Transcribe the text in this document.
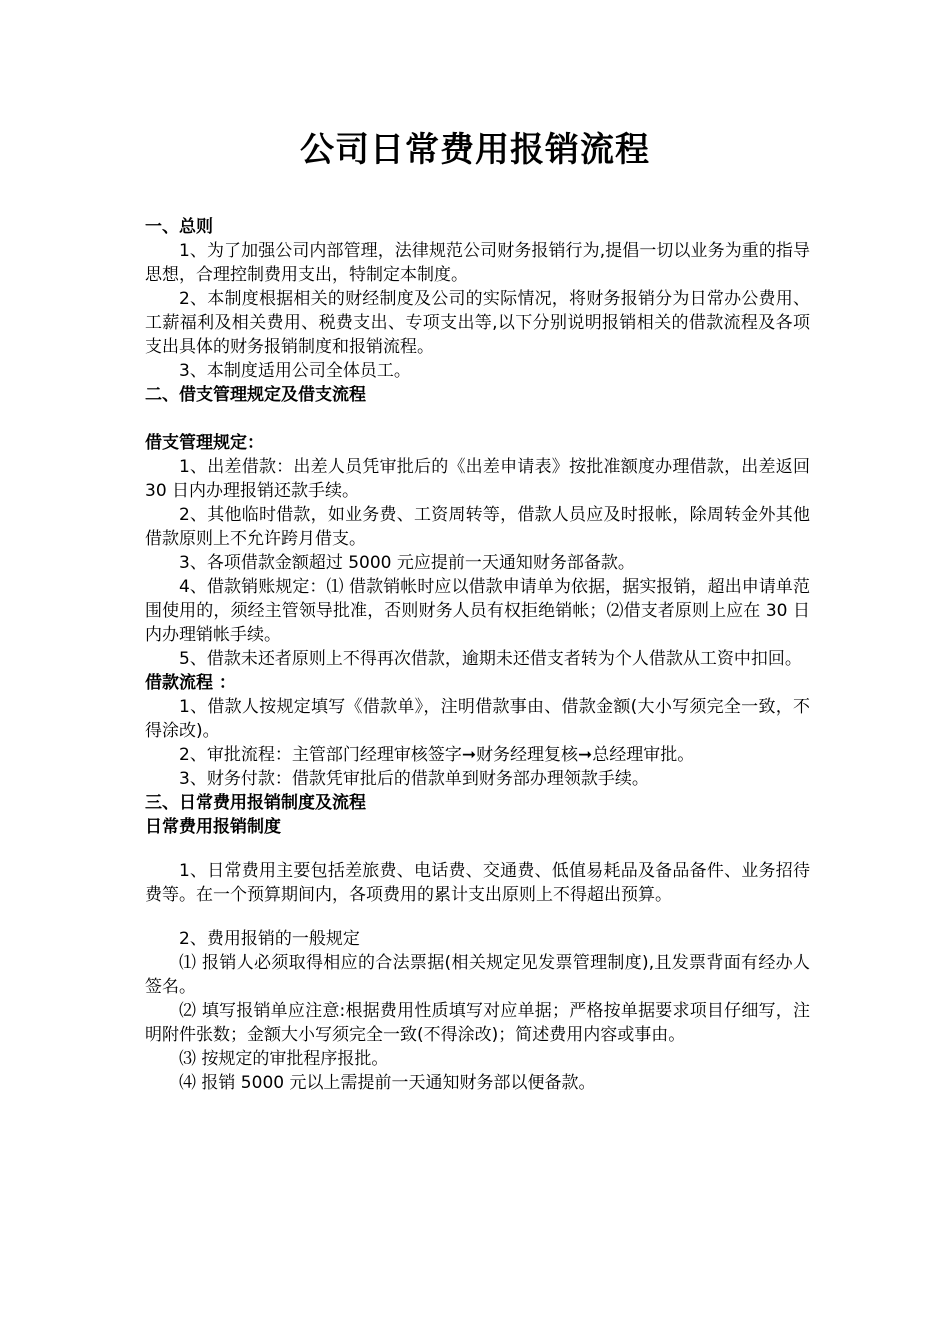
公司日常费用报销流程
一、总则
1、为了加强公司内部管理，法律规范公司财务报销行为,提倡一切以业务为重的指导思想，合理控制费用支出，特制定本制度。
2、本制度根据相关的财经制度及公司的实际情况，将财务报销分为日常办公费用、工薪福利及相关费用、税费支出、专项支出等,以下分别说明报销相关的借款流程及各项支出具体的财务报销制度和报销流程。
3、本制度适用公司全体员工。
二、借支管理规定及借支流程
借支管理规定：
1、出差借款：出差人员凭审批后的《出差申请表》按批准额度办理借款，出差返回 30 日内办理报销还款手续。
2、其他临时借款，如业务费、工资周转等，借款人员应及时报帐，除周转金外其他借款原则上不允许跨月借支。
3、各项借款金额超过 5000 元应提前一天通知财务部备款。
4、借款销账规定：⑴ 借款销帐时应以借款申请单为依据，据实报销，超出申请单范围使用的，须经主管领导批准，否则财务人员有权拒绝销帐；⑵借支者原则上应在 30 日内办理销帐手续。
5、借款未还者原则上不得再次借款，逾期未还借支者转为个人借款从工资中扣回。
借款流程 ：
1、借款人按规定填写《借款单》，注明借款事由、借款金额(大小写须完全一致，不得涂改)。
2、审批流程：主管部门经理审核签字➞财务经理复核➞总经理审批。
3、财务付款：借款凭审批后的借款单到财务部办理领款手续。
三、日常费用报销制度及流程
日常费用报销制度
1、日常费用主要包括差旅费、电话费、交通费、低值易耗品及备品备件、业务招待费等。在一个预算期间内，各项费用的累计支出原则上不得超出预算。
2、费用报销的一般规定
⑴ 报销人必须取得相应的合法票据(相关规定见发票管理制度),且发票背面有经办人签名。
⑵ 填写报销单应注意:根据费用性质填写对应单据；严格按单据要求项目仔细写，注明附件张数；金额大小写须完全一致(不得涂改)；简述费用内容或事由。
⑶ 按规定的审批程序报批。
⑷ 报销 5000 元以上需提前一天通知财务部以便备款。
